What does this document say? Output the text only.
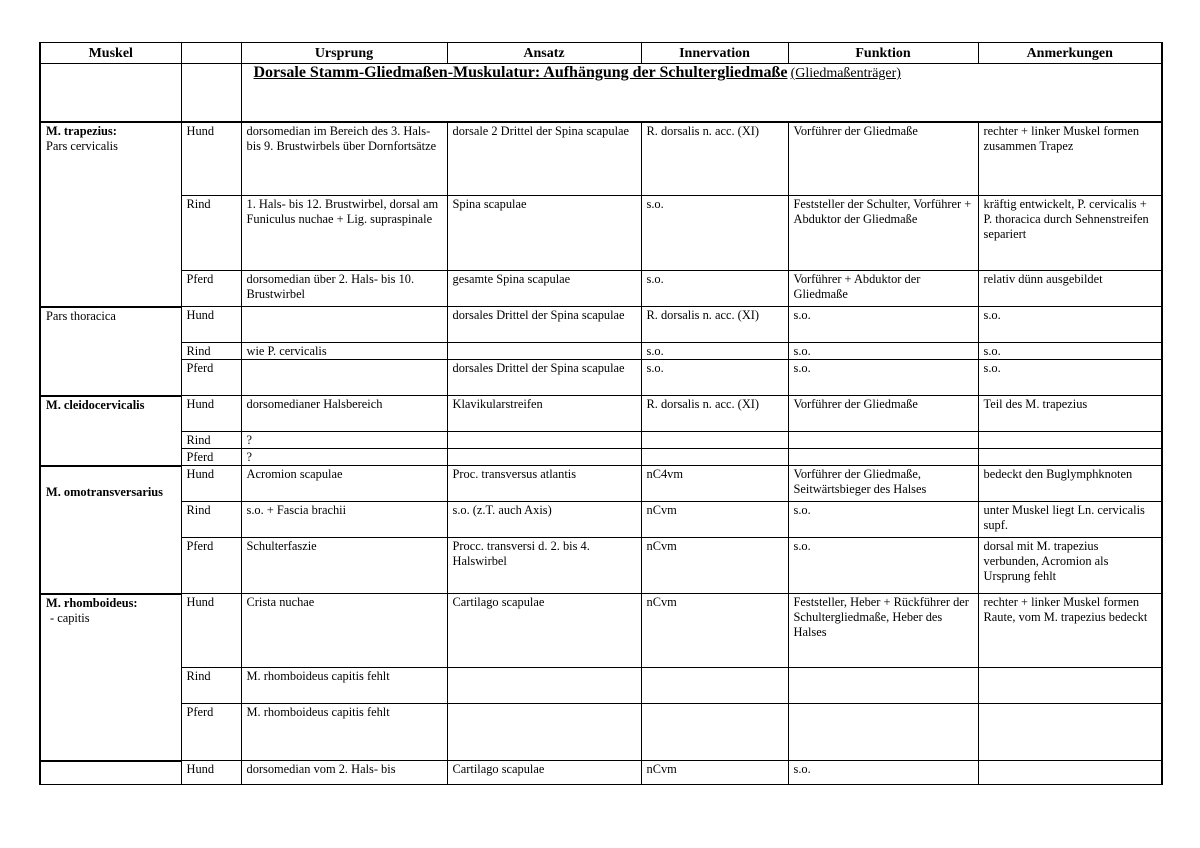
Muskel		Ursprung	Ansatz	Innervation	Funktion	Anmerkungen
		Dorsale Stamm-Gliedmaßen-Muskulatur: Aufhängung der Schultergliedmaße (Gliedmaßenträger)				

M. trapezius:
Pars cervicalis	Hund	dorsomedian im Bereich des 3. Hals- bis 9. Brustwirbels über Dornfortsätze	dorsale 2 Drittel der Spina scapulae	R. dorsalis n. acc. (XI)	Vorführer der Gliedmaße	rechter + linker Muskel formen zusammen Trapez
	Rind	1. Hals- bis 12. Brustwirbel, dorsal am Funiculus nuchae + Lig. supraspinale	Spina scapulae	s.o.	Feststeller der Schulter, Vorführer + Abduktor der Gliedmaße	kräftig entwickelt, P. cervicalis + P. thoracica durch Sehnenstreifen separiert
	Pferd	dorsomedian über 2. Hals- bis 10. Brustwirbel	gesamte Spina scapulae	s.o.	Vorführer + Abduktor der Gliedmaße	relativ dünn ausgebildet

Pars thoracica	Hund		dorsales Drittel der Spina scapulae	R. dorsalis n. acc. (XI)	s.o.	s.o.
	Rind	wie P. cervicalis		s.o.	s.o.	s.o.
	Pferd		dorsales Drittel der Spina scapulae	s.o.	s.o.	s.o.

M. cleidocervicalis	Hund	dorsomedianer Halsbereich	Klavikularstreifen	R. dorsalis n. acc. (XI)	Vorführer der Gliedmaße	Teil des M. trapezius
	Rind	?				
	Pferd	?				

M. omotransversarius	Hund	Acromion scapulae	Proc. transversus atlantis	nC4vm	Vorführer der Gliedmaße, Seitwärtsbieger des Halses	bedeckt den Buglymphknoten
	Rind	s.o. + Fascia brachii	s.o. (z.T. auch Axis)	nCvm	s.o.	unter Muskel liegt Ln. cervicalis supf.
	Pferd	Schulterfaszie	Procc. transversi d. 2. bis 4. Halswirbel	nCvm	s.o.	dorsal mit M. trapezius verbunden, Acromion als Ursprung fehlt

M. rhomboideus:
- capitis	Hund	Crista nuchae	Cartilago scapulae	nCvm	Feststeller, Heber + Rückführer der Schultergliedmaße, Heber des Halses	rechter + linker Muskel formen Raute, vom M. trapezius bedeckt
	Rind	M. rhomboideus capitis fehlt				
	Pferd	M. rhomboideus capitis fehlt				
	Hund	dorsomedian vom 2. Hals- bis	Cartilago scapulae	nCvm	s.o.	
